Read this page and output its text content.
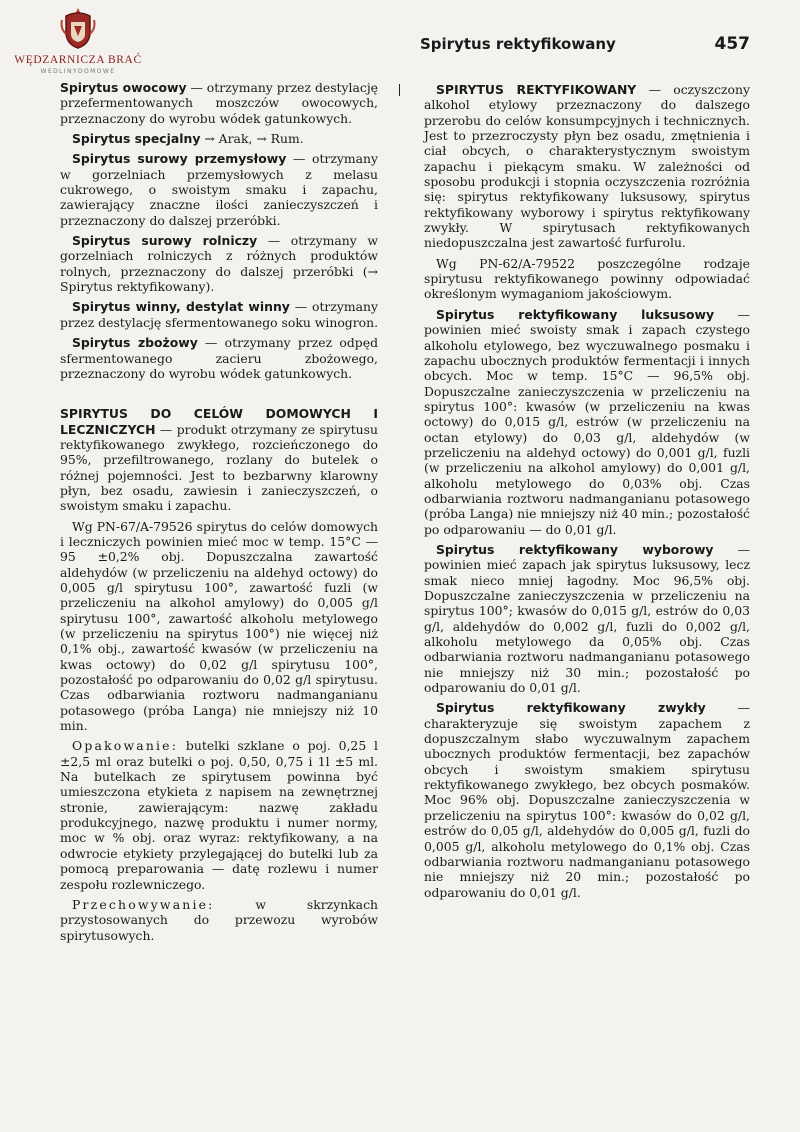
WĘDZARNICZA BRAĆ
WEDLINYDOMOWE
Spirytus rektyfikowany	457

Spirytus owocowy — otrzymany przez destylację przefermentowanych moszczów owocowych, przeznaczony do wyrobu wódek gatunkowych.

Spirytus specjalny → Arak, → Rum.

Spirytus surowy przemysłowy — otrzymany w gorzelniach przemysłowych z melasu cukrowego, o swoistym smaku i zapachu, zawierający znaczne ilości zanieczyszczeń i przeznaczony do dalszej przeróbki.

Spirytus surowy rolniczy — otrzymany w gorzelniach rolniczych z różnych produktów rolnych, przeznaczony do dalszej przeróbki (→ Spirytus rektyfikowany).

Spirytus winny, destylat winny — otrzymany przez destylację sfermentowanego soku winogron.

Spirytus zbożowy — otrzymany przez odpęd sfermentowanego zacieru zbożowego, przeznaczony do wyrobu wódek gatunkowych.

SPIRYTUS DO CELÓW DOMOWYCH I LECZNICZYCH — produkt otrzymany ze spirytusu rektyfikowanego zwykłego, rozcieńczonego do 95%, przefiltrowanego, rozlany do butelek o różnej pojemności. Jest to bezbarwny klarowny płyn, bez osadu, zawiesin i zanieczyszczeń, o swoistym smaku i zapachu.

Wg PN-67/A-79526 spirytus do celów domowych i leczniczych powinien mieć moc w temp. 15°C — 95 ±0,2% obj. Dopuszczalna zawartość aldehydów (w przeliczeniu na aldehyd octowy) do 0,005 g/l spirytusu 100°, zawartość fuzli (w przeliczeniu na alkohol amylowy) do 0,005 g/l spirytusu 100°, zawartość alkoholu metylowego (w przeliczeniu na spirytus 100°) nie więcej niż 0,1% obj., zawartość kwasów (w przeliczeniu na kwas octowy) do 0,02 g/l spirytusu 100°, pozostałość po odparowaniu do 0,02 g/l spirytusu. Czas odbarwiania roztworu nadmanganianu potasowego (próba Langa) nie mniejszy niż 10 min.

Opakowanie: butelki szklane o poj. 0,25 l ±2,5 ml oraz butelki o poj. 0,50, 0,75 i 1l ±5 ml. Na butelkach ze spirytusem powinna być umieszczona etykieta z napisem na zewnętrznej stronie, zawierającym: nazwę zakładu produkcyjnego, nazwę produktu i numer normy, moc w % obj. oraz wyraz: rektyfikowany, a na odwrocie etykiety przylegającej do butelki lub za pomocą preparowania — datę rozlewu i numer zespołu rozlewniczego.

Przechowywanie: w skrzynkach przystosowanych do przewozu wyrobów spirytusowych.

SPIRYTUS REKTYFIKOWANY — oczyszczony alkohol etylowy przeznaczony do dalszego przerobu do celów konsumpcyjnych i technicznych. Jest to przezroczysty płyn bez osadu, zmętnienia i ciał obcych, o charakterystycznym swoistym zapachu i piekącym smaku. W zależności od sposobu produkcji i stopnia oczyszczenia rozróżnia się: spirytus rektyfikowany luksusowy, spirytus rektyfikowany wyborowy i spirytus rektyfikowany zwykły. W spirytusach rektyfikowanych niedopuszczalna jest zawartość furfurolu.

Wg PN-62/A-79522 poszczególne rodzaje spirytusu rektyfikowanego powinny odpowiadać określonym wymaganiom jakościowym.

Spirytus rektyfikowany luksusowy — powinien mieć swoisty smak i zapach czystego alkoholu etylowego, bez wyczuwalnego posmaku i zapachu ubocznych produktów fermentacji i innych obcych. Moc w temp. 15°C — 96,5% obj. Dopuszczalne zanieczyszczenia w przeliczeniu na spirytus 100°: kwasów (w przeliczeniu na kwas octowy) do 0,015 g/l, estrów (w przeliczeniu na octan etylowy) do 0,03 g/l, aldehydów (w przeliczeniu na aldehyd octowy) do 0,001 g/l, fuzli (w przeliczeniu na alkohol amylowy) do 0,001 g/l, alkoholu metylowego do 0,03% obj. Czas odbarwiania roztworu nadmanganianu potasowego (próba Langa) nie mniejszy niż 40 min.; pozostałość po odparowaniu — do 0,01 g/l.

Spirytus rektyfikowany wyborowy — powinien mieć zapach jak spirytus luksusowy, lecz smak nieco mniej łagodny. Moc 96,5% obj. Dopuszczalne zanieczyszczenia w przeliczeniu na spirytus 100°; kwasów do 0,015 g/l, estrów do 0,03 g/l, aldehydów do 0,002 g/l, fuzli do 0,002 g/l, alkoholu metylowego da 0,05% obj. Czas odbarwiania roztworu nadmanganianu potasowego nie mniejszy niż 30 min.; pozostałość po odparowaniu do 0,01 g/l.

Spirytus rektyfikowany zwykły — charakteryzuje się swoistym zapachem z dopuszczalnym słabo wyczuwalnym zapachem ubocznych produktów fermentacji, bez zapachów obcych i swoistym smakiem spirytusu rektyfikowanego zwykłego, bez obcych posmaków. Moc 96% obj. Dopuszczalne zanieczyszczenia w przeliczeniu na spirytus 100°: kwasów do 0,02 g/l, estrów do 0,05 g/l, aldehydów do 0,005 g/l, fuzli do 0,005 g/l, alkoholu metylowego do 0,1% obj. Czas odbarwiania roztworu nadmanganianu potasowego nie mniejszy niż 20 min.; pozostałość po odparowaniu do 0,01 g/l.
